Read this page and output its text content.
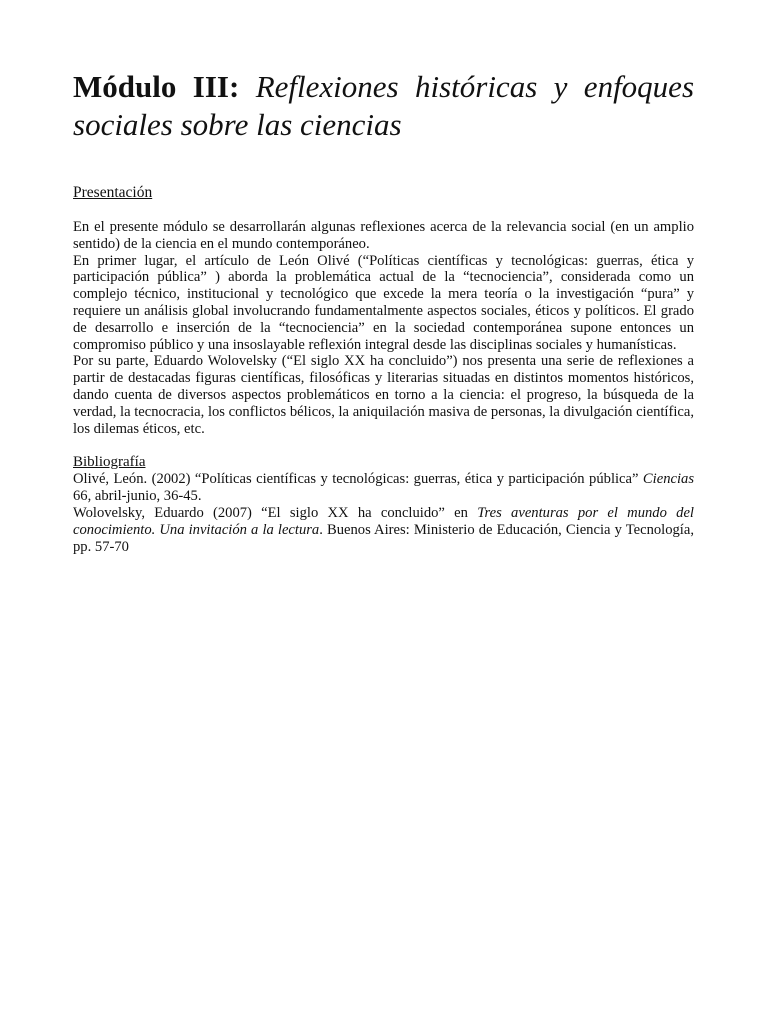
Módulo III: Reflexiones históricas y enfoques sociales sobre las ciencias
Presentación

En el presente módulo se desarrollarán algunas reflexiones acerca de la relevancia social (en un amplio sentido) de la ciencia en el mundo contemporáneo.

En primer lugar, el artículo de León Olivé (“Políticas científicas y tecnológicas: guerras, ética y participación pública” ) aborda la problemática actual de la “tecnociencia”, considerada como un complejo técnico, institucional y tecnológico que excede la mera teoría o la investigación “pura” y requiere un análisis global involucrando fundamentalmente aspectos sociales, éticos y políticos. El grado de desarrollo e inserción de la “tecnociencia” en la sociedad contemporánea supone entonces un compromiso público y una insoslayable reflexión integral desde las disciplinas sociales y humanísticas.

Por su parte, Eduardo Wolovelsky (“El siglo XX ha concluido”) nos presenta una serie de reflexiones a partir de destacadas figuras científicas, filosóficas y literarias situadas en distintos momentos históricos, dando cuenta de diversos aspectos problemáticos en torno a la ciencia: el progreso, la búsqueda de la verdad, la tecnocracia, los conflictos bélicos, la aniquilación masiva de personas, la divulgación científica, los dilemas éticos, etc.

Bibliografía

Olivé, León. (2002) “Políticas científicas y tecnológicas: guerras, ética y participación pública” Ciencias 66, abril-junio, 36-45.

Wolovelsky, Eduardo (2007) “El siglo XX ha concluido” en Tres aventuras por el mundo del conocimiento. Una invitación a la lectura. Buenos Aires: Ministerio de Educación, Ciencia y Tecnología, pp. 57-70
